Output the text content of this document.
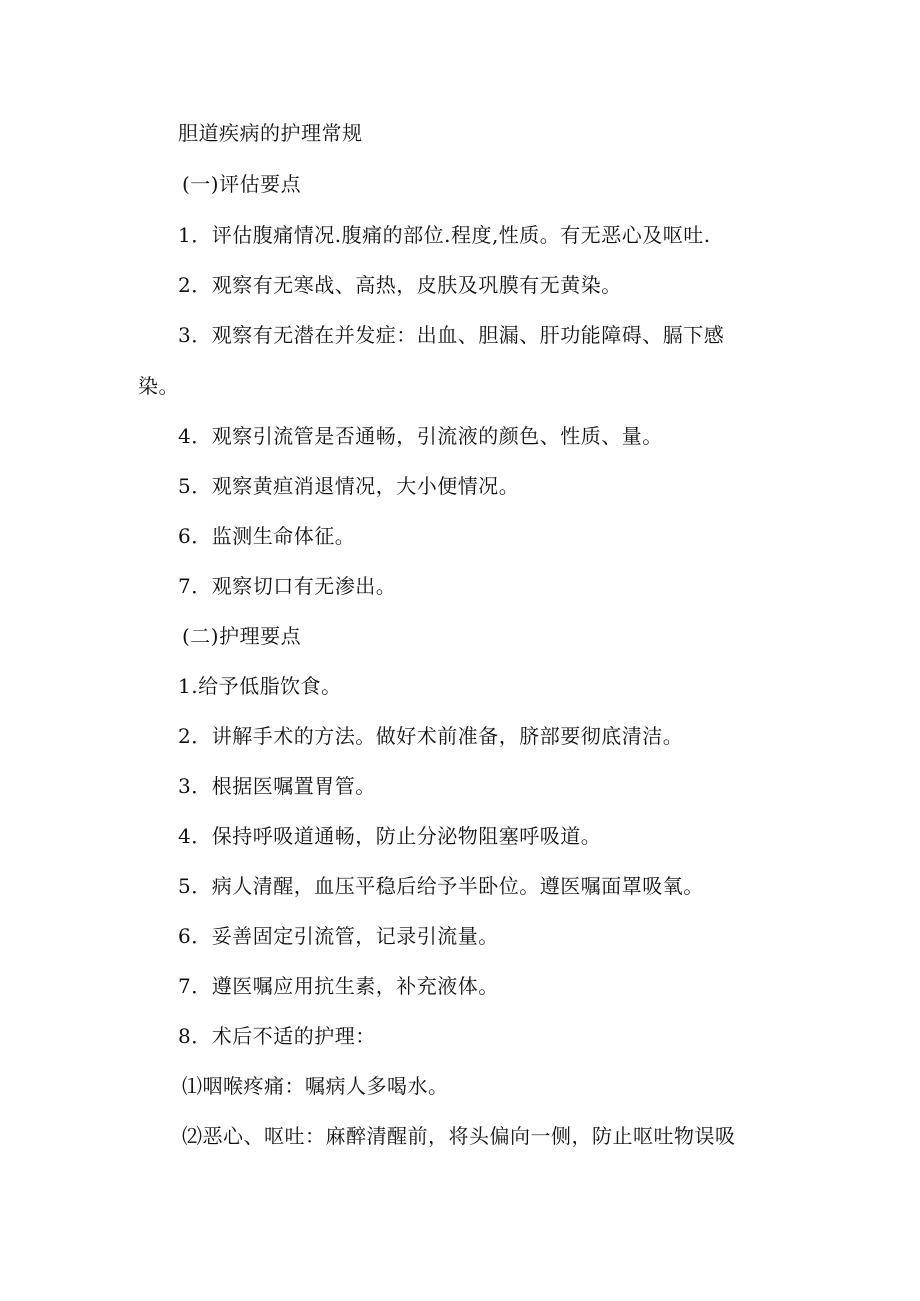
胆道疾病的护理常规
(一)评估要点
1．评估腹痛情况.腹痛的部位.程度,性质。有无恶心及呕吐.
2．观察有无寒战、高热，皮肤及巩膜有无黄染。
3．观察有无潜在并发症：出血、胆漏、肝功能障碍、膈下感
染。
4．观察引流管是否通畅，引流液的颜色、性质、量。
5．观察黄疸消退情况，大小便情况。
6．监测生命体征。
7．观察切口有无渗出。
(二)护理要点
1.给予低脂饮食。
2．讲解手术的方法。做好术前准备，脐部要彻底清洁。
3．根据医嘱置胃管。
4．保持呼吸道通畅，防止分泌物阻塞呼吸道。
5．病人清醒，血压平稳后给予半卧位。遵医嘱面罩吸氧。
6．妥善固定引流管，记录引流量。
7．遵医嘱应用抗生素，补充液体。
8．术后不适的护理：
⑴咽喉疼痛：嘱病人多喝水。
⑵恶心、呕吐：麻醉清醒前，将头偏向一侧，防止呕吐物误吸
